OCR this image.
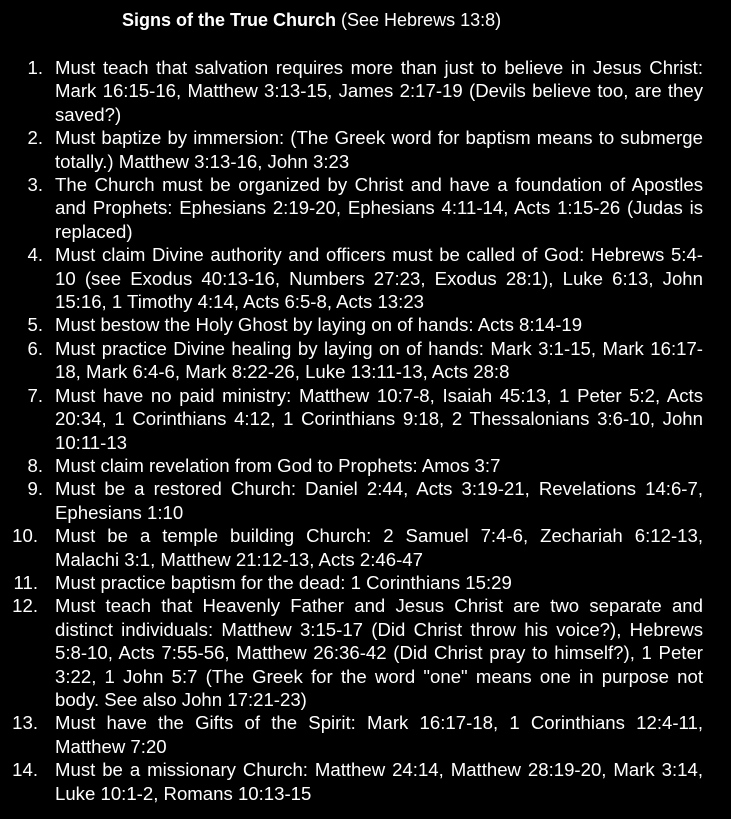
Signs of the True Church (See Hebrews 13:8)
1. Must teach that salvation requires more than just to believe in Jesus Christ: Mark 16:15-16, Matthew 3:13-15, James 2:17-19 (Devils believe too, are they saved?)
2. Must baptize by immersion: (The Greek word for baptism means to submerge totally.) Matthew 3:13-16, John 3:23
3. The Church must be organized by Christ and have a foundation of Apostles and Prophets: Ephesians 2:19-20, Ephesians 4:11-14, Acts 1:15-26 (Judas is replaced)
4. Must claim Divine authority and officers must be called of God: Hebrews 5:4-10 (see Exodus 40:13-16, Numbers 27:23, Exodus 28:1), Luke 6:13, John 15:16, 1 Timothy 4:14, Acts 6:5-8, Acts 13:23
5. Must bestow the Holy Ghost by laying on of hands: Acts 8:14-19
6. Must practice Divine healing by laying on of hands: Mark 3:1-15, Mark 16:17-18, Mark 6:4-6, Mark 8:22-26, Luke 13:11-13, Acts 28:8
7. Must have no paid ministry: Matthew 10:7-8, Isaiah 45:13, 1 Peter 5:2, Acts 20:34, 1 Corinthians 4:12, 1 Corinthians 9:18, 2 Thessalonians 3:6-10, John 10:11-13
8. Must claim revelation from God to Prophets: Amos 3:7
9. Must be a restored Church: Daniel 2:44, Acts 3:19-21, Revelations 14:6-7, Ephesians 1:10
10. Must be a temple building Church: 2 Samuel 7:4-6, Zechariah 6:12-13, Malachi 3:1, Matthew 21:12-13, Acts 2:46-47
11. Must practice baptism for the dead: 1 Corinthians 15:29
12. Must teach that Heavenly Father and Jesus Christ are two separate and distinct individuals: Matthew 3:15-17 (Did Christ throw his voice?), Hebrews 5:8-10, Acts 7:55-56, Matthew 26:36-42 (Did Christ pray to himself?), 1 Peter 3:22, 1 John 5:7 (The Greek for the word "one" means one in purpose not body. See also John 17:21-23)
13. Must have the Gifts of the Spirit: Mark 16:17-18, 1 Corinthians 12:4-11, Matthew 7:20
14. Must be a missionary Church: Matthew 24:14, Matthew 28:19-20, Mark 3:14, Luke 10:1-2, Romans 10:13-15
